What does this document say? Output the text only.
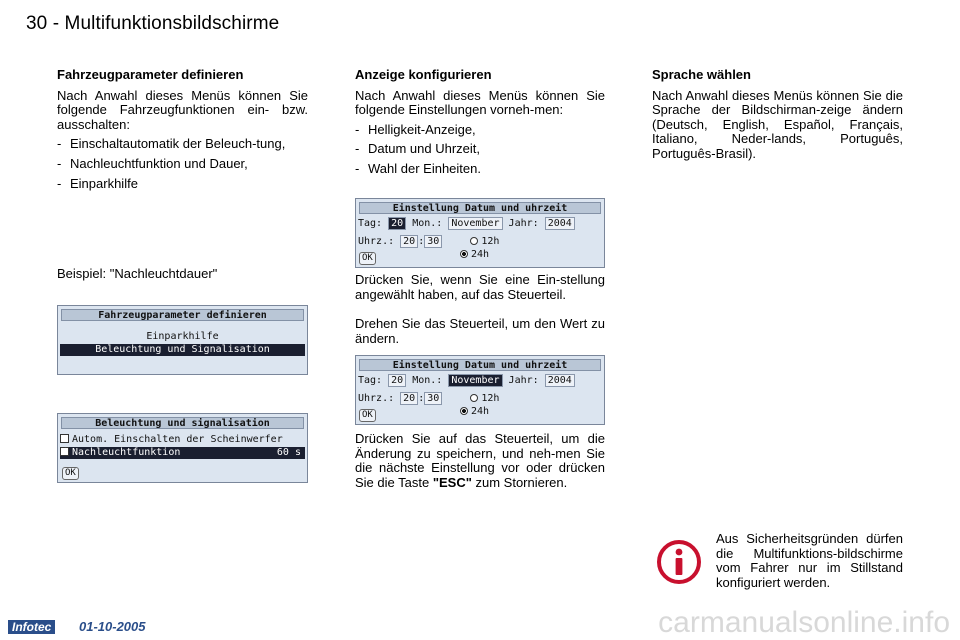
30 - Multifunktionsbildschirme
Fahrzeugparameter definieren

Nach Anwahl dieses Menüs können Sie folgende Fahrzeugfunktionen ein- bzw. ausschalten:

- Einschaltautomatik der Beleuch-tung,
- Nachleuchtfunktion und Dauer,
- Einparkhilfe
Beispiel: "Nachleuchtdauer"
Fahrzeugparameter definieren
Einparkhilfe
Beleuchtung und Signalisation
Beleuchtung und signalisation
Autom. Einschalten der Scheinwerfer
✓Nachleuchtfunktion	60 s
OK
Anzeige konfigurieren

Nach Anwahl dieses Menüs können Sie folgende Einstellungen vorneh-men:

- Helligkeit-Anzeige,
- Datum und Uhrzeit,
- Wahl der Einheiten.
Einstellung Datum und uhrzeit
Tag: 20 Mon.: November Jahr: 2004
Uhrz.: 20 : 30	12h
24h
OK
Drücken Sie, wenn Sie eine Ein-stellung angewählt haben, auf das Steuerteil.
Drehen Sie das Steuerteil, um den Wert zu ändern.
Einstellung Datum und uhrzeit
Tag: 20 Mon.: November Jahr: 2004
Uhrz.: 20 : 30	12h
24h
OK
Drücken Sie auf das Steuerteil, um die Änderung zu speichern, und neh-men Sie die nächste Einstellung vor oder drücken Sie die Taste "ESC" zum Stornieren.
Sprache wählen

Nach Anwahl dieses Menüs können Sie die Sprache der Bildschirman-zeige ändern (Deutsch, English, Español, Français, Italiano, Neder-lands, Português, Português-Brasil).

Aus Sicherheitsgründen dürfen die Multifunktions-bildschirme vom Fahrer nur im Stillstand konfiguriert werden.
Infotec	01-10-2005	carmanualsonline.info
